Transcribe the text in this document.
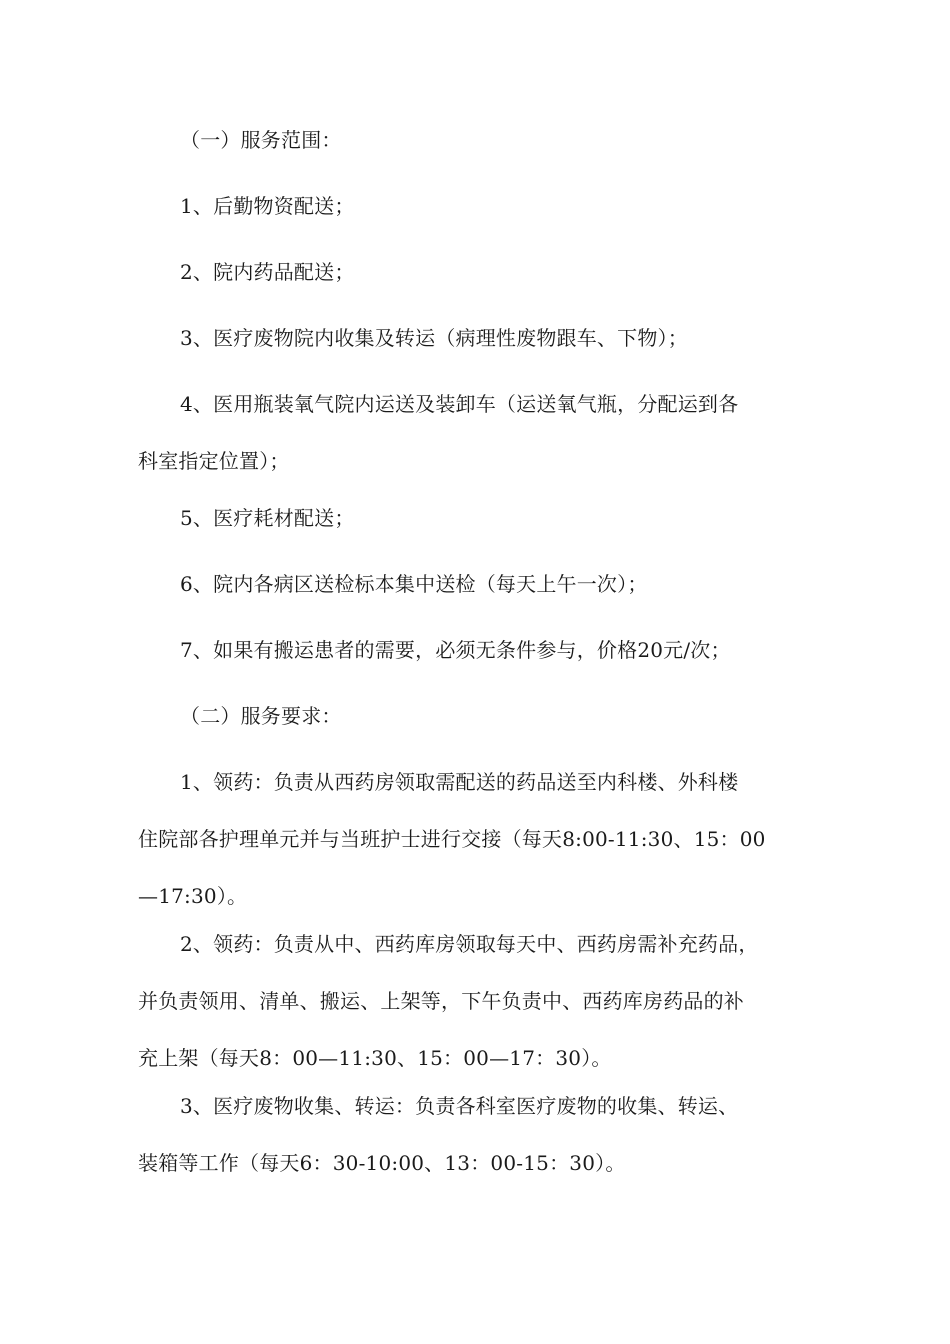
（一）服务范围：
1、后勤物资配送；
2、院内药品配送；
3、医疗废物院内收集及转运（病理性废物跟车、下物）；
4、医用瓶装氧气院内运送及装卸车（运送氧气瓶，分配运到各
科室指定位置）；
5、医疗耗材配送；
6、院内各病区送检标本集中送检（每天上午一次）；
7、如果有搬运患者的需要，必须无条件参与，价格20元/次；
（二）服务要求：
1、领药：负责从西药房领取需配送的药品送至内科楼、外科楼
住院部各护理单元并与当班护士进行交接（每天8:00-11:30、15：00
—17:30）。
2、领药：负责从中、西药库房领取每天中、西药房需补充药品，
并负责领用、清单、搬运、上架等，下午负责中、西药库房药品的补
充上架（每天8：00—11:30、15：00—17：30）。
3、医疗废物收集、转运：负责各科室医疗废物的收集、转运、
装箱等工作（每天6：30-10:00、13：00-15：30）。
